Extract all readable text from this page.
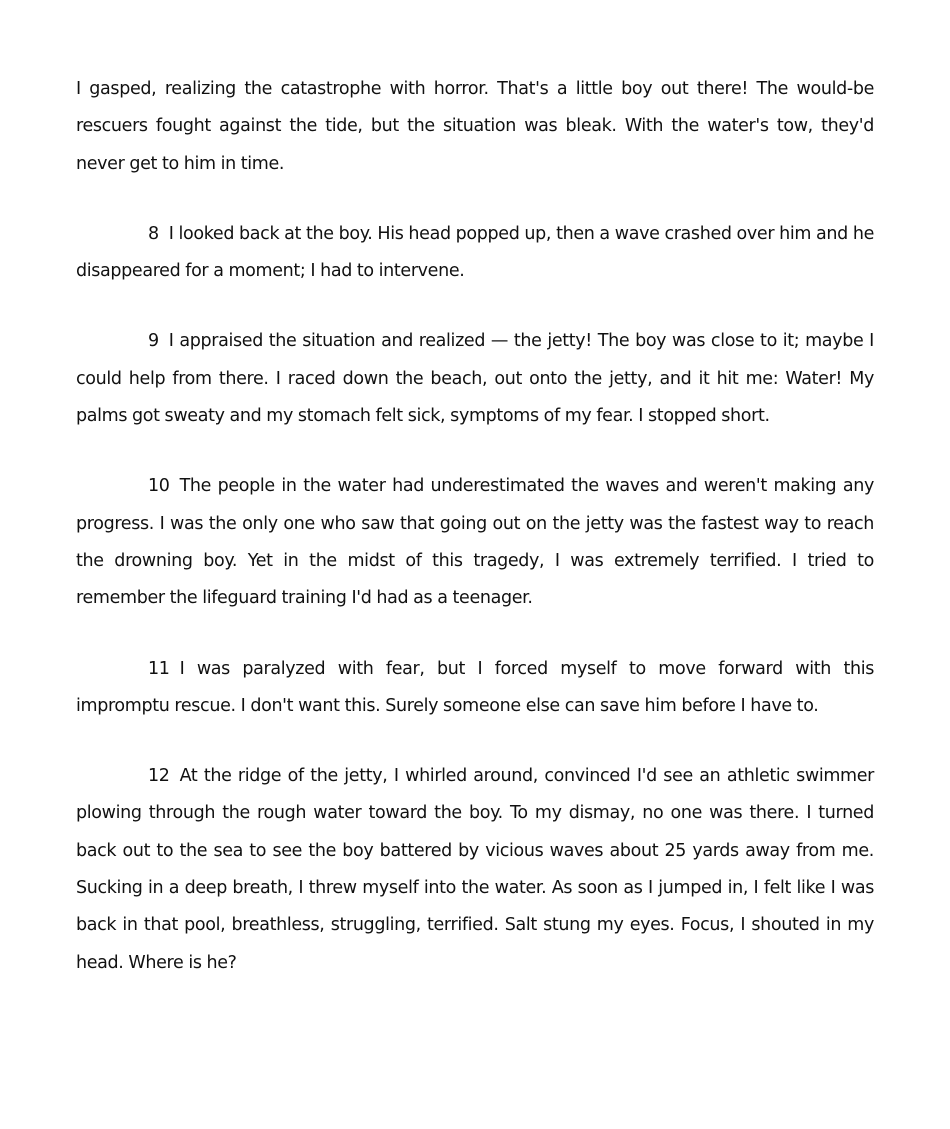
I gasped, realizing the catastrophe with horror. That's a little boy out there! The would-be rescuers fought against the tide, but the situation was bleak. With the water's tow, they'd never get to him in time.

8 I looked back at the boy. His head popped up, then a wave crashed over him and he disappeared for a moment; I had to intervene.

9 I appraised the situation and realized — the jetty! The boy was close to it; maybe I could help from there. I raced down the beach, out onto the jetty, and it hit me: Water! My palms got sweaty and my stomach felt sick, symptoms of my fear. I stopped short.

10 The people in the water had underestimated the waves and weren't making any progress. I was the only one who saw that going out on the jetty was the fastest way to reach the drowning boy. Yet in the midst of this tragedy, I was extremely terrified. I tried to remember the lifeguard training I'd had as a teenager.

11 I was paralyzed with fear, but I forced myself to move forward with this impromptu rescue. I don't want this. Surely someone else can save him before I have to.

12 At the ridge of the jetty, I whirled around, convinced I'd see an athletic swimmer plowing through the rough water toward the boy. To my dismay, no one was there. I turned back out to the sea to see the boy battered by vicious waves about 25 yards away from me. Sucking in a deep breath, I threw myself into the water. As soon as I jumped in, I felt like I was back in that pool, breathless, struggling, terrified. Salt stung my eyes. Focus, I shouted in my head. Where is he?
